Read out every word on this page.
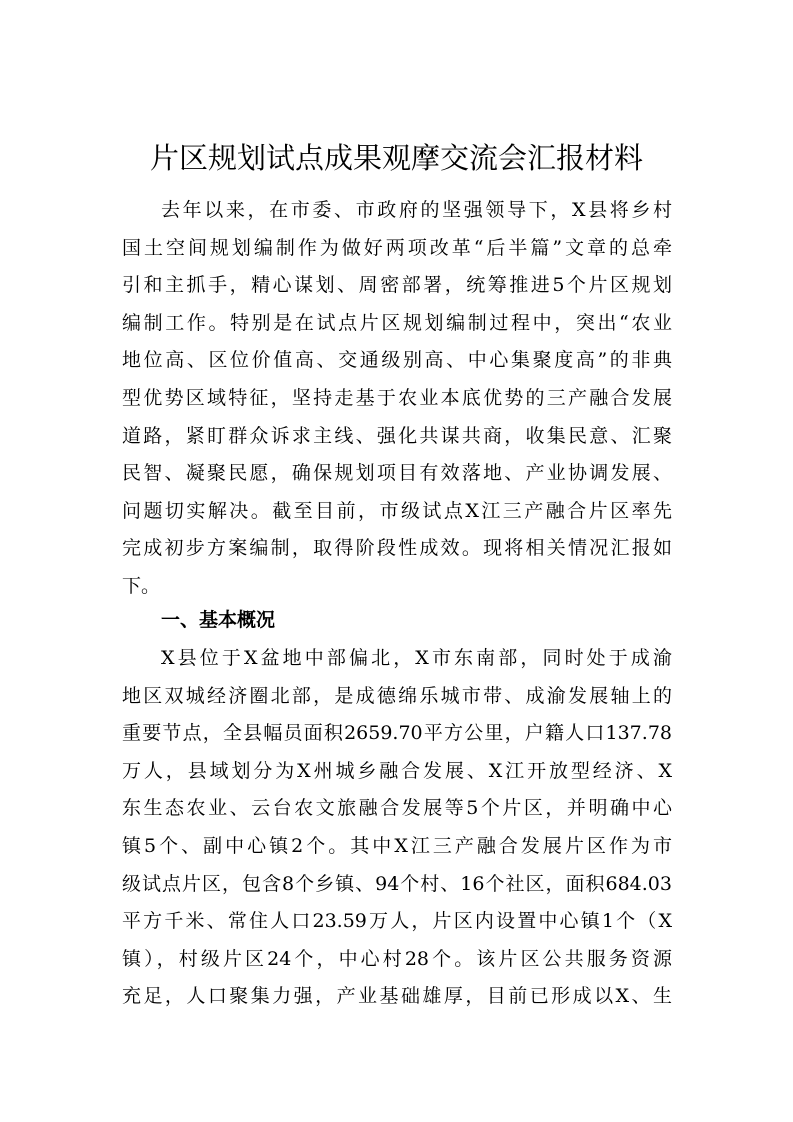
片区规划试点成果观摩交流会汇报材料
去年以来，在市委、市政府的坚强领导下，X县将乡村
国土空间规划编制作为做好两项改革“后半篇”文章的总牵
引和主抓手，精心谋划、周密部署，统筹推进5个片区规划
编制工作。特别是在试点片区规划编制过程中，突出“农业
地位高、区位价值高、交通级别高、中心集聚度高”的非典
型优势区域特征，坚持走基于农业本底优势的三产融合发展
道路，紧盯群众诉求主线、强化共谋共商，收集民意、汇聚
民智、凝聚民愿，确保规划项目有效落地、产业协调发展、
问题切实解决。截至目前，市级试点X江三产融合片区率先
完成初步方案编制，取得阶段性成效。现将相关情况汇报如
下。
一、基本概况
X县位于X盆地中部偏北，X市东南部，同时处于成渝
地区双城经济圈北部，是成德绵乐城市带、成渝发展轴上的
重要节点，全县幅员面积2659.70平方公里，户籍人口137.78
万人，县域划分为X州城乡融合发展、X江开放型经济、X
东生态农业、云台农文旅融合发展等5个片区，并明确中心
镇5个、副中心镇2个。其中X江三产融合发展片区作为市
级试点片区，包含8个乡镇、94个村、16个社区，面积684.03
平方千米、常住人口23.59万人，片区内设置中心镇1个（X
镇），村级片区24个，中心村28个。该片区公共服务资源
充足，人口聚集力强，产业基础雄厚，目前已形成以X、生
